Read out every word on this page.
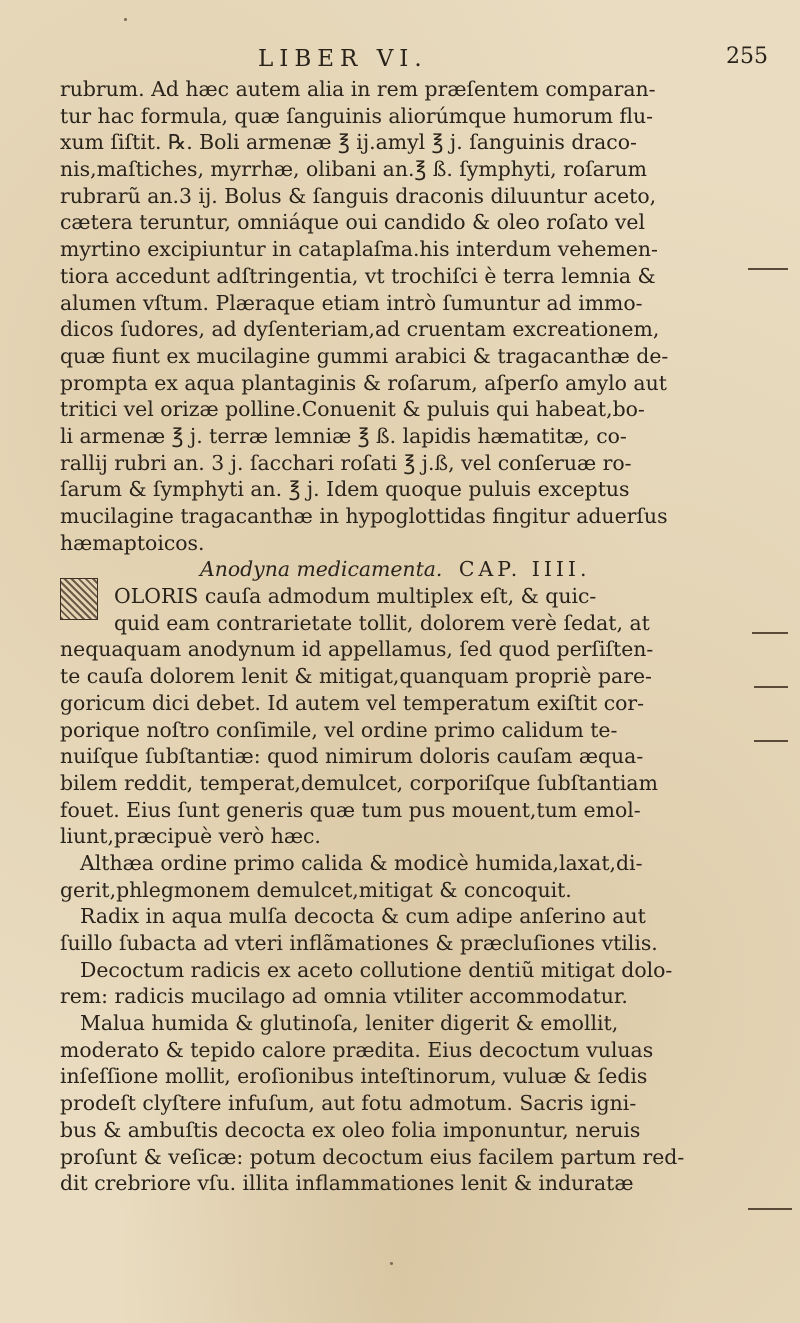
LIBER VI.	255
rubrum. Ad hæc autem alia in rem præſentem comparan-
tur hac formula, quæ ſanguinis aliorúmque humorum flu-
xum ſiſtit. ℞. Boli armenæ ℥ ij.amyl ℥ j. ſanguinis draco-
nis,maſtiches, myrrhæ, olibani an.℥ ß. ſymphyti, roſarum
rubrarũ an.3 ij. Bolus & ſanguis draconis diluuntur aceto,
cætera teruntur, omniáque oui candido & oleo roſato vel
myrtino excipiuntur in cataplaſma.his interdum vehemen-
tiora accedunt adſtringentia, vt trochiſci è terra lemnia &
alumen vſtum. Plæraque etiam intrò ſumuntur ad immo-
dicos ſudores, ad dyſenteriam,ad cruentam excreationem,
quæ fiunt ex mucilagine gummi arabici & tragacanthæ de-
prompta ex aqua plantaginis & roſarum, aſperſo amylo aut
tritici vel orizæ polline.Conuenit & puluis qui habeat,bo-
li armenæ ℥ j. terræ lemniæ ℥ ß. lapidis hæmatitæ, co-
rallij rubri an. 3 j. ſacchari roſati ℥ j.ß, vel conſeruæ ro-
ſarum & ſymphyti an. ℥ j. Idem quoque puluis exceptus
mucilagine tragacanthæ in hypoglottidas fingitur aduerſus
hæmaptoicos.
Anodyna medicamenta. CAP. IIII.
OLORIS cauſa admodum multiplex eſt, & quic-
quid eam contrarietate tollit, dolorem verè ſedat, at
nequaquam anodynum id appellamus, ſed quod perſiſten-
te cauſa dolorem lenit & mitigat,quanquam propriè pare-
goricum dici debet. Id autem vel temperatum exiſtit cor-
porique noſtro conſimile, vel ordine primo calidum te-
nuiſque ſubſtantiæ: quod nimirum doloris cauſam æqua-
bilem reddit, temperat,demulcet, corporiſque ſubſtantiam
fouet. Eius ſunt generis quæ tum pus mouent,tum emol-
liunt,præcipuè verò hæc.
Althæa ordine primo calida & modicè humida,laxat,di-
gerit,phlegmonem demulcet,mitigat & concoquit.
Radix in aqua mulſa decocta & cum adipe anſerino aut
ſuillo ſubacta ad vteri inflãmationes & præcluſiones vtilis.
Decoctum radicis ex aceto collutione dentiũ mitigat dolo-
rem: radicis mucilago ad omnia vtiliter accommodatur.
Malua humida & glutinoſa, leniter digerit & emollit,
moderato & tepido calore prædita. Eius decoctum vuluas
inſeſſione mollit, eroſionibus inteſtinorum, vuluæ & ſedis
prodeſt clyſtere infuſum, aut fotu admotum. Sacris igni-
bus & ambuſtis decocta ex oleo folia imponuntur, neruis
proſunt & veſicæ: potum decoctum eius facilem partum red-
dit crebriore vſu. illita inflammationes lenit & induratæ
